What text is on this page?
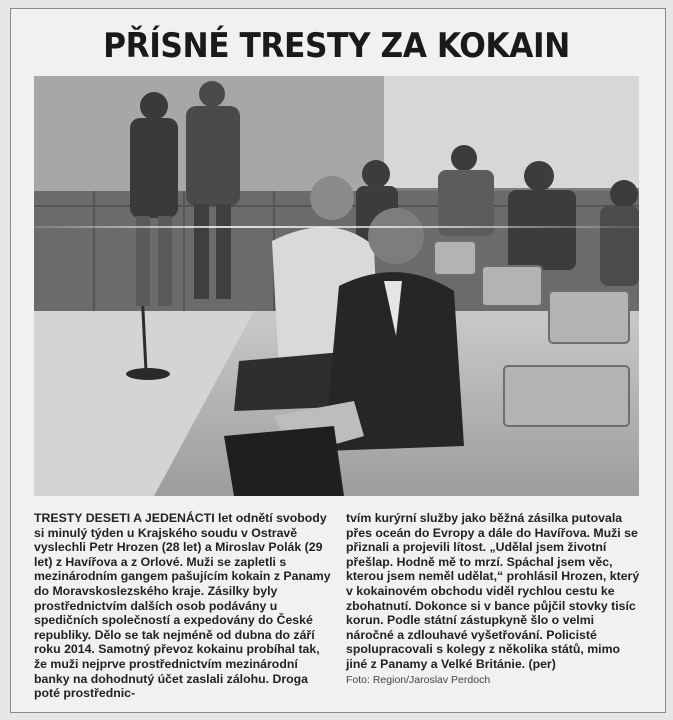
PŘÍSNÉ TRESTY ZA KOKAIN

TRESTY DESETI A JEDENÁCTI let odnětí svobody si minulý týden u Krajského soudu v Ostravě vyslechli Petr Hrozen (28 let) a Miroslav Polák (29 let) z Havířova a z Orlové. Muži se zapletli s mezinárodním gangem pašujícím kokain z Panamy do Moravskoslezského kraje. Zásilky byly prostřednictvím dalších osob podávány u spedičních společností a expedovány do České republiky. Dělo se tak nejméně od dubna do září roku 2014. Samotný převoz kokainu probíhal tak, že muži nejprve prostřednictvím mezinárodní banky na dohodnutý účet zaslali zálohu. Droga poté prostřednic-

tvím kurýrní služby jako běžná zásilka putovala přes oceán do Evropy a dále do Havířova. Muži se přiznali a projevili lítost. „Udělal jsem životní přešlap. Hodně mě to mrzí. Spáchal jsem věc, kterou jsem neměl udělat,“ prohlásil Hrozen, který v kokainovém obchodu viděl rychlou cestu ke zbohatnutí. Dokonce si v bance půjčil stovky tisíc korun. Podle státní zástupkyně šlo o velmi náročné a zdlouhavé vyšetřování. Policisté spolupracovali s kolegy z několika států, mimo jiné z Panamy a Velké Británie. (per)

Foto: Region/Jaroslav Perdoch
